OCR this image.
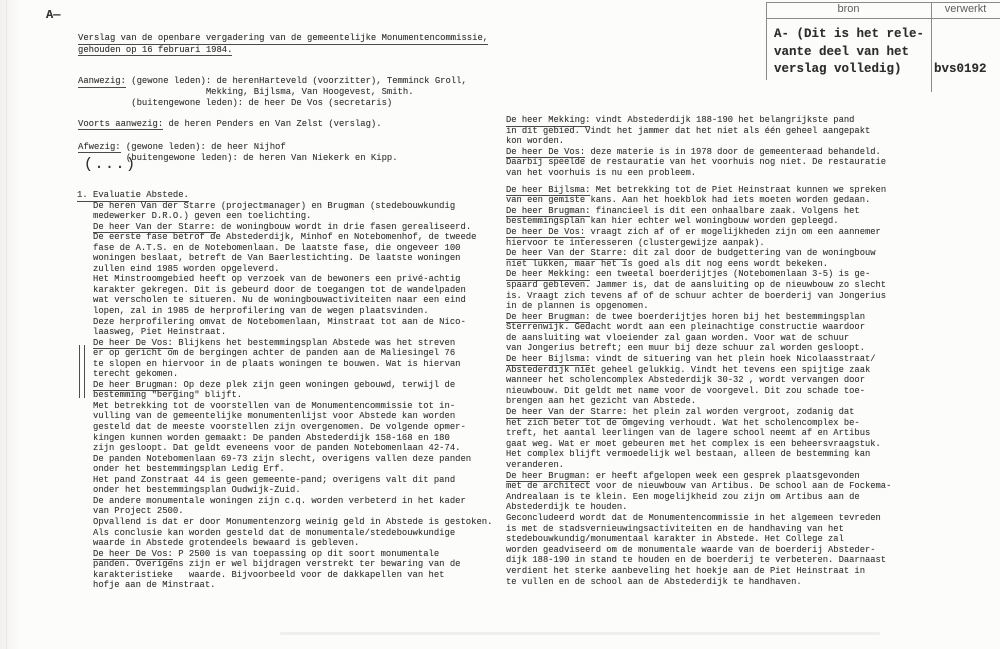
A—
Verslag van de openbare vergadering van de gemeentelijke Monumentencommissie,
gehouden op 16 februari 1984.
Aanwezig: (gewone leden): de herenHarteveld (voorzitter), Temminck Groll,
Mekking, Bijlsma, Van Hoogevest, Smith.
(buitengewone leden): de heer De Vos (secretaris)
Voorts aanwezig: de heren Penders en Van Zelst (verslag).
Afwezig: (gewone leden): de heer Nijhof
(buitengewone leden): de heren Van Niekerk en Kipp.
(...)
1. Evaluatie Abstede.
De heren Van der Starre (projectmanager) en Brugman (stedebouwkundig
medewerker D.R.O.) geven een toelichting.
De heer Van der Starre: de woningbouw wordt in drie fasen gerealiseerd.
De eerste fase betrof de Abstederdijk, Minhof en Notebomenhof, de tweede
fase de A.T.S. en de Notebomenlaan. De laatste fase, die ongeveer 100
woningen beslaat, betreft de Van Baerlestichting. De laatste woningen
zullen eind 1985 worden opgeleverd.
Het Minstroomgebied heeft op verzoek van de bewoners een privé-achtig
karakter gekregen. Dit is gebeurd door de toegangen tot de wandelpaden
wat verscholen te situeren. Nu de woningbouwactiviteiten naar een eind
lopen, zal in 1985 de herprofilering van de wegen plaatsvinden.
Deze herprofilering omvat de Notebomenlaan, Minstraat tot aan de Nico-
laasweg, Piet Heinstraat.
De heer De Vos: Blijkens het bestemmingsplan Abstede was het streven
er op gericht om de bergingen achter de panden aan de Maliesingel 76
te slopen en hiervoor in de plaats woningen te bouwen. Wat is hiervan
terecht gekomen.
De heer Brugman: Op deze plek zijn geen woningen gebouwd, terwijl de
bestemming "berging" blijft.
Met betrekking tot de voorstellen van de Monumentencommissie tot in-
vulling van de gemeentelijke monumentenlijst voor Abstede kan worden
gesteld dat de meeste voorstellen zijn overgenomen. De volgende opmer-
kingen kunnen worden gemaakt: De panden Abstederdijk 158-168 en 180
zijn gesloopt. Dat geldt eveneens voor de panden Notebomenlaan 42-74.
De panden Notebomenlaan 69-73 zijn slecht, overigens vallen deze panden
onder het bestemmingsplan Ledig Erf.
Het pand Zonstraat 44 is geen gemeente-pand; overigens valt dit pand
onder het bestemmingsplan Oudwijk-Zuid.
De andere monumentale woningen zijn c.q. worden verbeterd in het kader
van Project 2500.
Opvallend is dat er door Monumentenzorg weinig geld in Abstede is gestoken.
Als conclusie kan worden gesteld dat de monumentale/stedebouwkundige
waarde in Abstede grotendeels bewaard is gebleven.
De heer De Vos: P 2500 is van toepassing op dit soort monumentale
panden. Overigens zijn er wel bijdragen verstrekt ter bewaring van de
karakteristieke   waarde. Bijvoorbeeld voor de dakkapellen van het
hofje aan de Minstraat.
De heer Mekking: vindt Abstederdijk 188-190 het belangrijkste pand
in dit gebied. Vindt het jammer dat het niet als één geheel aangepakt
kon worden.
De heer De Vos: deze materie is in 1978 door de gemeenteraad behandeld.
Daarbij speelde de restauratie van het voorhuis nog niet. De restauratie
van het voorhuis is nu een probleem.
De heer Bijlsma: Met betrekking tot de Piet Heinstraat kunnen we spreken
van een gemiste kans. Aan het hoekblok had iets moeten worden gedaan.
De heer Brugman: financieel is dit een onhaalbare zaak. Volgens het
bestemmingsplan kan hier echter wel woningbouw worden gepleegd.
De heer De Vos: vraagt zich af of er mogelijkheden zijn om een aannemer
hiervoor te interesseren (clustergewijze aanpak).
De heer Van der Starre: dit zal door de budgettering van de woningbouw
niet lukken, maar het is goed als dit nog eens wordt bekeken.
De heer Mekking: een tweetal boerderijtjes (Notebomenlaan 3-5) is ge-
spaard gebleven. Jammer is, dat de aansluiting op de nieuwbouw zo slecht
is. Vraagt zich tevens af of de schuur achter de boerderij van Jongerius
in de plannen is opgenomen.
De heer Brugman: de twee boerderijtjes horen bij het bestemmingsplan
Sterrenwijk. Gedacht wordt aan een pleinachtige constructie waardoor
de aansluiting wat vloeiender zal gaan worden. Voor wat de schuur
van Jongerius betreft; een muur bij deze schuur zal worden gesloopt.
De heer Bijlsma: vindt de situering van het plein hoek Nicolaasstraat/
Abstederdijk niet geheel gelukkig. Vindt het tevens een spijtige zaak
wanneer het scholencomplex Abstederdijk 30-32 , wordt vervangen door
nieuwbouw. Dit geldt met name voor de voorgevel. Dit zou schade toe-
brengen aan het gezicht van Abstede.
De heer Van der Starre: het plein zal worden vergroot, zodanig dat
het zich beter tot de omgeving verhoudt. Wat het scholencomplex be-
treft, het aantal leerlingen van de lagere school neemt af en Artibus
gaat weg. Wat er moet gebeuren met het complex is een beheersvraagstuk.
Het complex blijft vermoedelijk wel bestaan, alleen de bestemming kan
veranderen.
De heer Brugman: er heeft afgelopen week een gesprek plaatsgevonden
met de architect voor de nieuwbouw van Artibus. De school aan de Fockema-
Andrealaan is te klein. Een mogelijkheid zou zijn om Artibus aan de
Abstederdijk te houden.
Geconcludeerd wordt dat de Monumentencommissie in het algemeen tevreden
is met de stadsvernieuwingsactiviteiten en de handhaving van het
stedebouwkundig/monumentaal karakter in Abstede. Het College zal
worden geadviseerd om de monumentale waarde van de boerderij Absteder-
dijk 188-190 in stand te houden en de boerderij te verbeteren. Daarnaast
verdient het sterke aanbeveling het hoekje aan de Piet Heinstraat in
te vullen en de school aan de Abstederdijk te handhaven.
bron	verwerkt
A- (Dit is het rele-
vante deel van het
verslag volledig)	bvs0192
